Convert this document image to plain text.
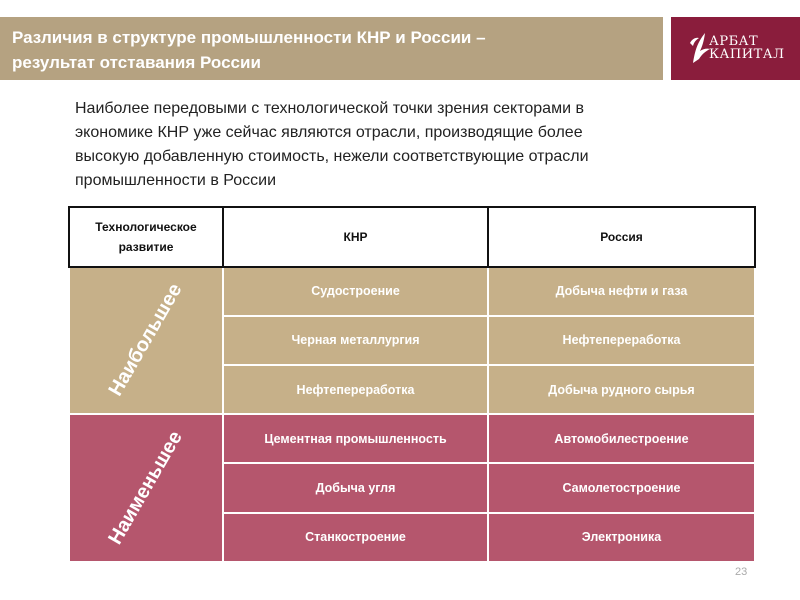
Различия в структуре промышленности КНР и России –
результат отставания России
АРБАТ
КАПИТАЛ
Наиболее передовыми с технологической точки зрения секторами в
экономике КНР уже сейчас являются отрасли, производящие более
высокую добавленную стоимость, нежели соответствующие отрасли
промышленности в России
Технологическое
развитие	КНР	Россия

Наибольшее	Судостроение	Добыча нефти и газа
	Черная металлургия	Нефтепереработка
	Нефтепереработка	Добыча рудного сырья

Наименьшее	Цементная промышленность	Автомобилестроение
	Добыча угля	Самолетостроение
	Станкостроение	Электроника
23
